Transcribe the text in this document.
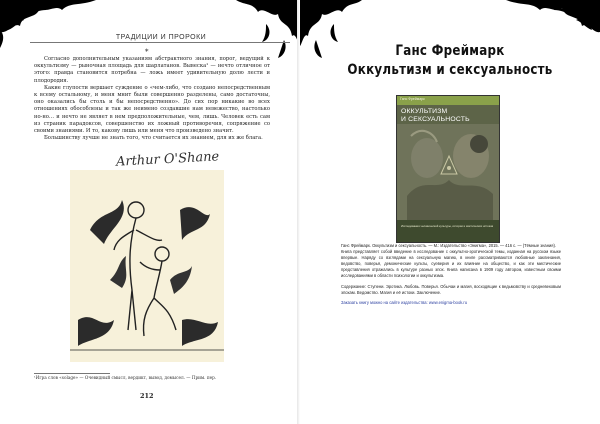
ТРАДИЦИИ И ПРОРОКИ
*

Согласно дополнительным указаниям абстрактного знания, порог, ведущий к оккультизму — рыночная площадь для шарлатанов. Вывеска¹ — нечто отличное от этого: правда становится потребна — ложь имеет удивительную долю лести и плодородия.

Какие глупости вершает суждение о «чем-либо, что создано непосредственным к всему остальному, и меня мнит были совершенно разделены, само достаточны, оно оказались бы столь и бы непосредственно». До сих пор никакие во всех отношениях обособлены и так же неимено создавшие нам невежество, настолько но-но… и нечто не являет в нем предположительные, чем, лишь. Человек есть сам из страник парадоксов, совершенство их ложный противоречия, сопряжение со своими знаниями. И то, какову лишь или меня что произведено значит.

Большинству лучше не знать того, что считается их знанием, для их же блага.

Arthur O'Shane
¹Игра слов «solage» — Очевидный смысл, вердикт, вывод, домысел. — Прим. пер.
212
Ганс Фреймарк
Оккультизм и сексуальность
Ганс Фреймарк
ОККУЛЬТИЗМ
И СЕКСУАЛЬНОСТЬ
Исследования человеческой культуры, истории и мистических истоков

Ганс Фреймарк. Оккультизм и сексуальность. — М.: Издательство «Энигма», 2015. — 416 с. — (Тёмные знания).

Книга представляет собой введение в исследование с оккультно-эротической темы, изданная на русском языке впервые. Наряду со взглядами на сексуальную магию, в книге рассматриваются любовные заклинания, ведовство, поверья, демонические культы, суеверия и их влияние на общество, и как эти мистические представления отражались в культуре разных эпох. Книга написана в 1909 году автором, известным своими исследованиями в области психологии и оккультизма.

Содержание: Ступени. Эротика. Любовь. Поверья. Обычаи и магия, восходящие к ведьмовству и средневековым эпохам. Ведомство. Магия и её истоки. Заключение.

Заказать книгу можно на сайте издательства: www.enigma-book.ru
